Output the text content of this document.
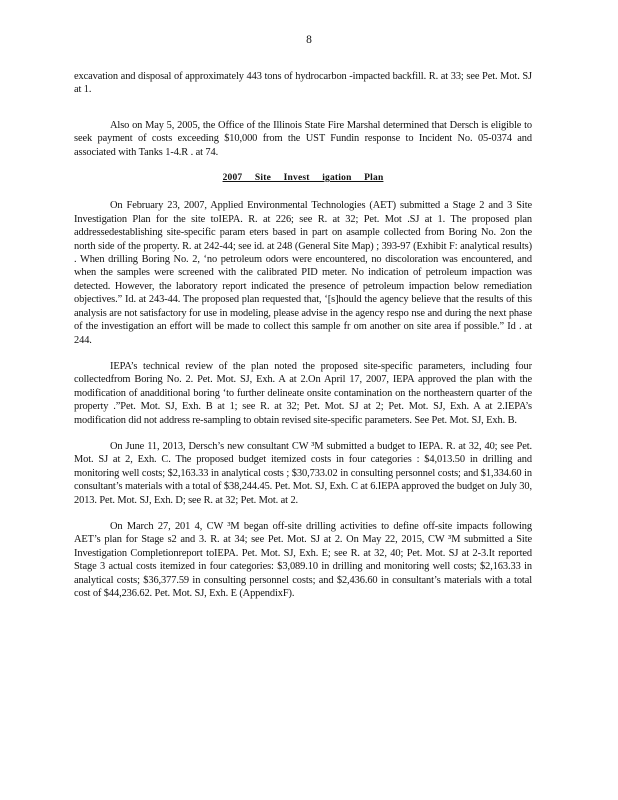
8

excavation and disposal of approximately 443 tons of hydrocarbon -impacted backfill. R. at 33; see Pet. Mot. SJ at 1.

Also on May 5, 2005, the Office of the Illinois State Fire Marshal determined that Dersch is eligible to seek payment of costs exceeding $10,000 from the UST Fundin response to Incident No. 05-0374 and associated with Tanks 1-4.R . at 74.

2007 Site Invest igation Plan

On February 23, 2007, Applied Environmental Technologies (AET) submitted a Stage 2 and 3 Site Investigation Plan for the site toIEPA. R. at 226; see R. at 32; Pet. Mot .SJ at 1. The proposed plan addressedestablishing site-specific param eters based in part on asample collected from Boring No. 2on the north side of the property. R. at 242-44; see id. at 248 (General Site Map) ; 393-97 (Exhibit F: analytical results) . When drilling Boring No. 2, ‘no petroleum odors were encountered, no discoloration was encountered, and when the samples were screened with the calibrated PID meter. No indication of petroleum impaction was detected. However, the laboratory report indicated the presence of petroleum impaction below remediation objectives.” Id. at 243-44. The proposed plan requested that, ‘[s]hould the agency believe that the results of this analysis are not satisfactory for use in modeling, please advise in the agency respo nse and during the next phase of the investigation an effort will be made to collect this sample fr om another on site area if possible.” Id . at 244.

IEPA’s technical review of the plan noted the proposed site-specific parameters, including four collectedfrom Boring No. 2. Pet. Mot. SJ, Exh. A at 2.On April 17, 2007, IEPA approved the plan with the modification of anadditional boring ‘to further delineate onsite contamination on the northeastern quarter of the property .”Pet. Mot. SJ, Exh. B at 1; see R. at 32; Pet. Mot. SJ at 2; Pet. Mot. SJ, Exh. A at 2.IEPA’s modification did not address re-sampling to obtain revised site-specific parameters. See Pet. Mot. SJ, Exh. B.

On June 11, 2013, Dersch’s new consultant CW ³M submitted a budget to IEPA. R. at 32, 40; see Pet. Mot. SJ at 2, Exh. C. The proposed budget itemized costs in four categories : $4,013.50 in drilling and monitoring well costs; $2,163.33 in analytical costs ; $30,733.02 in consulting personnel costs; and $1,334.60 in consultant’s materials with a total of $38,244.45. Pet. Mot. SJ, Exh. C at 6.IEPA approved the budget on July 30, 2013. Pet. Mot. SJ, Exh. D; see R. at 32; Pet. Mot. at 2.

On March 27, 201 4, CW ³M began off-site drilling activities to define off-site impacts following AET’s plan for Stage s2 and 3. R. at 34; see Pet. Mot. SJ at 2. On May 22, 2015, CW ³M submitted a Site Investigation Completionreport toIEPA. Pet. Mot. SJ, Exh. E; see R. at 32, 40; Pet. Mot. SJ at 2-3.It reported Stage 3 actual costs itemized in four categories: $3,089.10 in drilling and monitoring well costs; $2,163.33 in analytical costs; $36,377.59 in consulting personnel costs; and $2,436.60 in consultant’s materials with a total cost of $44,236.62. Pet. Mot. SJ, Exh. E (AppendixF).
